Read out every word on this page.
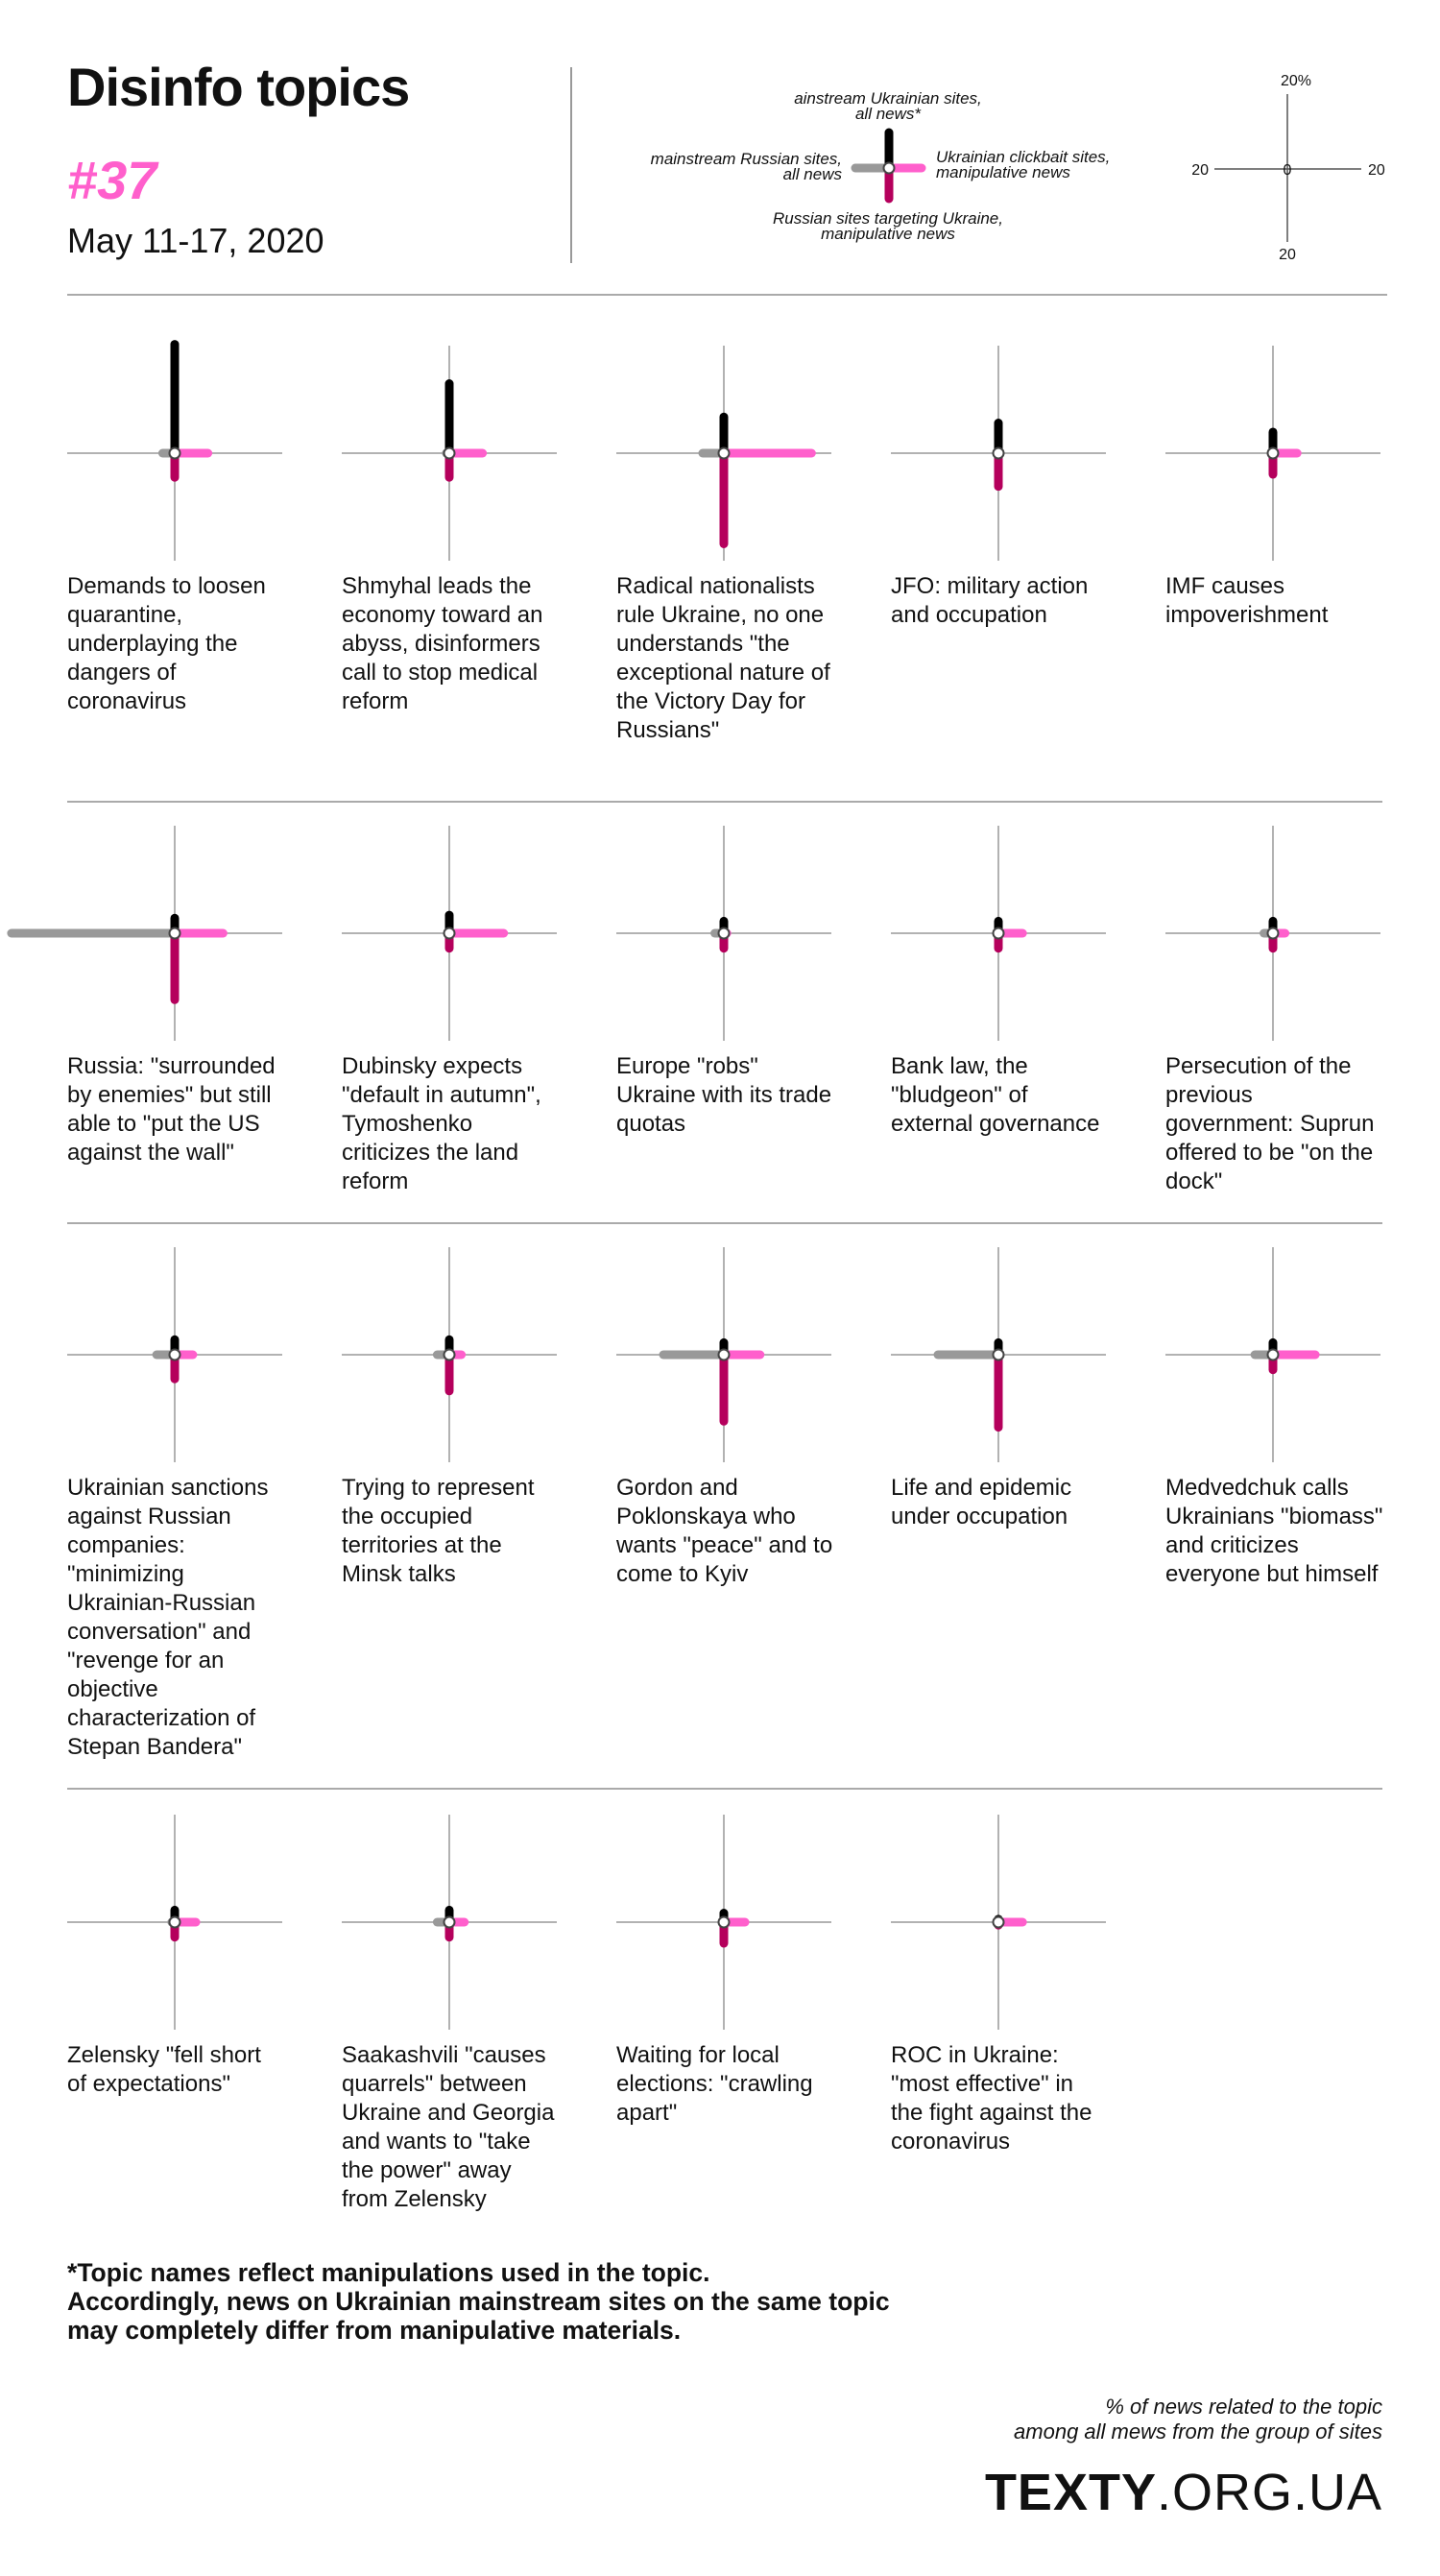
Disinfo topics
#37
May 11-17, 2020
ainstream Ukrainian sites,
all news*
mainstream Russian sites,
all news
Ukrainian clickbait sites,
manipulative news
Russian sites targeting Ukraine,
manipulative news
20%
20	0	20
20
Demands to loosen quarantine, underplaying the dangers of coronavirus
Shmyhal leads the economy toward an abyss, disinformers call to stop medical reform
Radical nationalists rule Ukraine, no one understands "the exceptional nature of the Victory Day for Russians"
JFO: military action and occupation
IMF causes impoverishment
Russia: "surrounded by enemies" but still able to "put the US against the wall"
Dubinsky expects "default in autumn", Tymoshenko criticizes the land reform
Europe "robs" Ukraine with its trade quotas
Bank law, the "bludgeon" of external governance
Persecution of the previous government: Suprun offered to be "on the dock"
Ukrainian sanctions against Russian companies: "minimizing Ukrainian-Russian conversation" and "revenge for an objective characterization of Stepan Bandera"
Trying to represent the occupied territories at the Minsk talks
Gordon and Poklonskaya who wants "peace" and to come to Kyiv
Life and epidemic under occupation
Medvedchuk calls Ukrainians "biomass" and criticizes everyone but himself
Zelensky "fell short of expectations"
Saakashvili "causes quarrels" between Ukraine and Georgia and wants to "take the power" away from Zelensky
Waiting for local elections: "crawling apart"
ROC in Ukraine: "most effective" in the fight against the coronavirus

*Topic names reflect manipulations used in the topic.

Accordingly, news on Ukrainian mainstream sites on the same topic

may completely differ from manipulative materials.

% of news related to the topic

among all mews from the group of sites

TEXTY.ORG.UA
